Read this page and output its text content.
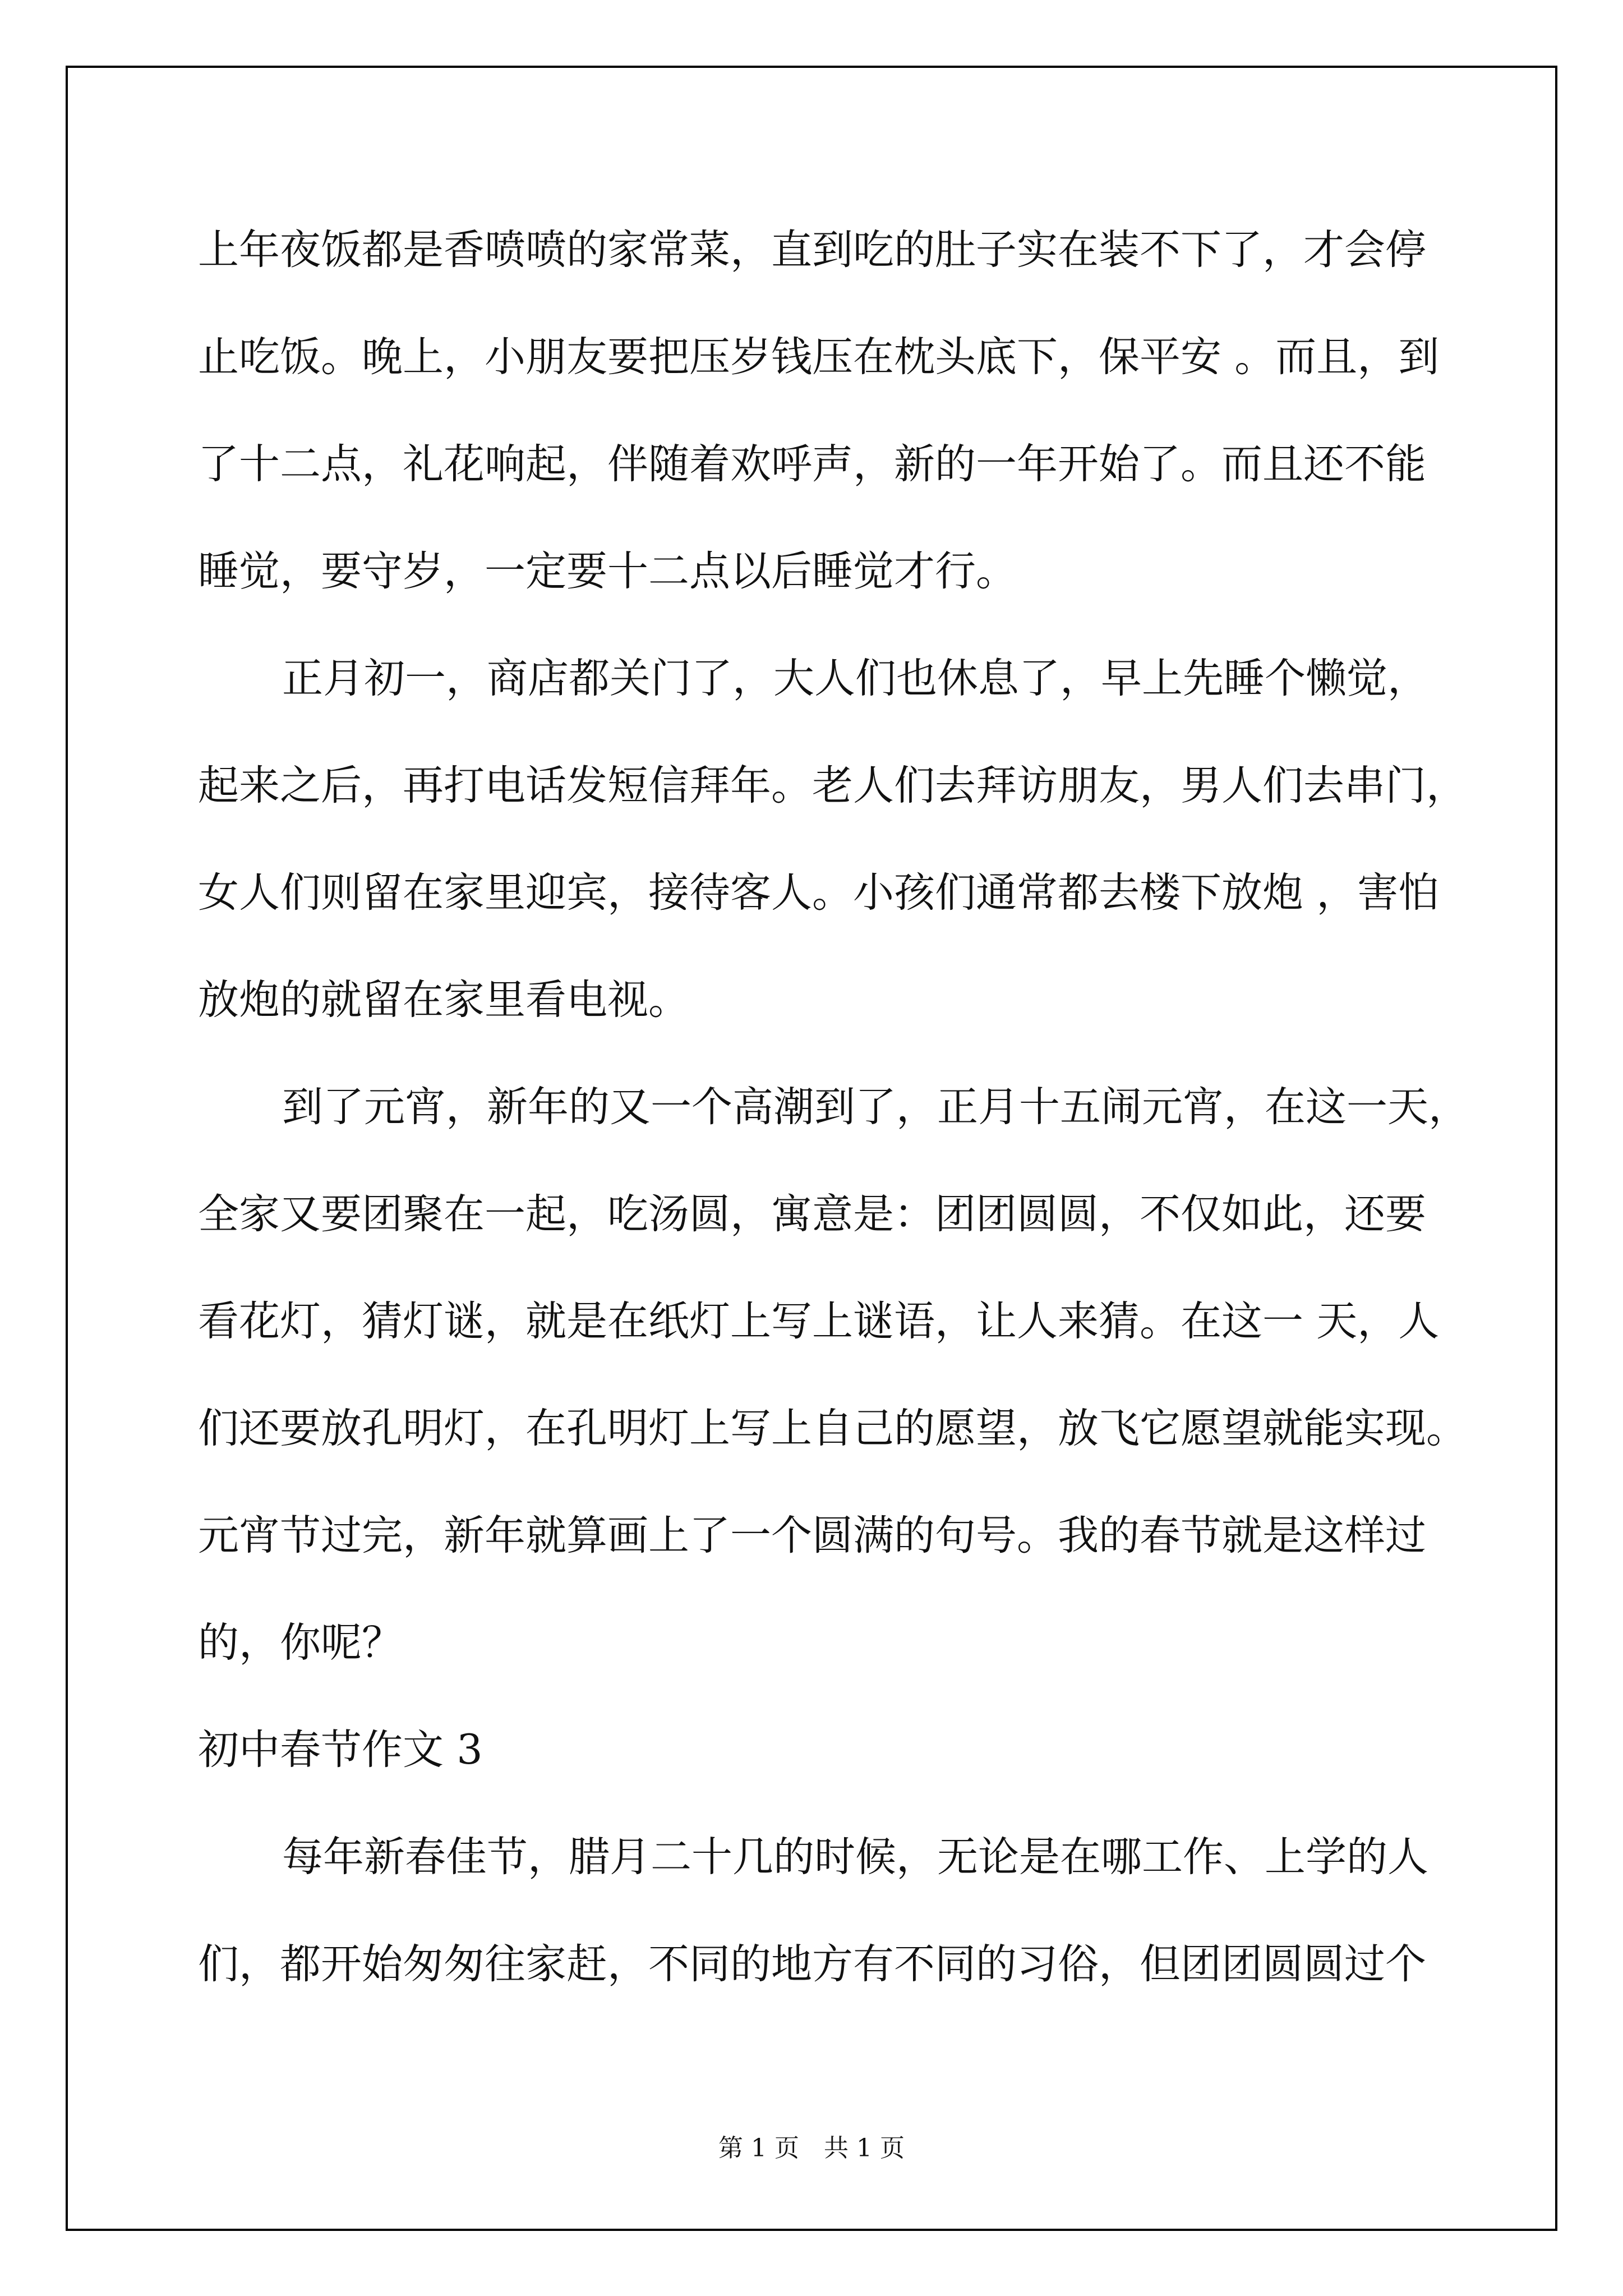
上年夜饭都是香喷喷的家常菜，直到吃的肚子实在装不下了，才会停
止吃饭。晚上，小朋友要把压岁钱压在枕头底下，保平安 。而且，到
了十二点，礼花响起，伴随着欢呼声，新的一年开始了。而且还不能
睡觉，要守岁，一定要十二点以后睡觉才行。
正月初一，商店都关门了，大人们也休息了，早上先睡个懒觉，
起来之后，再打电话发短信拜年。老人们去拜访朋友，男人们去串门，
女人们则留在家里迎宾，接待客人。小孩们通常都去楼下放炮 ，害怕
放炮的就留在家里看电视。
到了元宵，新年的又一个高潮到了，正月十五闹元宵，在这一天，
全家又要团聚在一起，吃汤圆，寓意是：团团圆圆，不仅如此，还要
看花灯，猜灯谜，就是在纸灯上写上谜语，让人来猜。在这一 天，人
们还要放孔明灯，在孔明灯上写上自己的愿望，放飞它愿望就能实现。
元宵节过完，新年就算画上了一个圆满的句号。我的春节就是这样过
的，你呢？
初中春节作文 3
每年新春佳节，腊月二十几的时候，无论是在哪工作、上学的人
们，都开始匆匆往家赶，不同的地方有不同的习俗，但团团圆圆过个
第 1 页　共 1 页
